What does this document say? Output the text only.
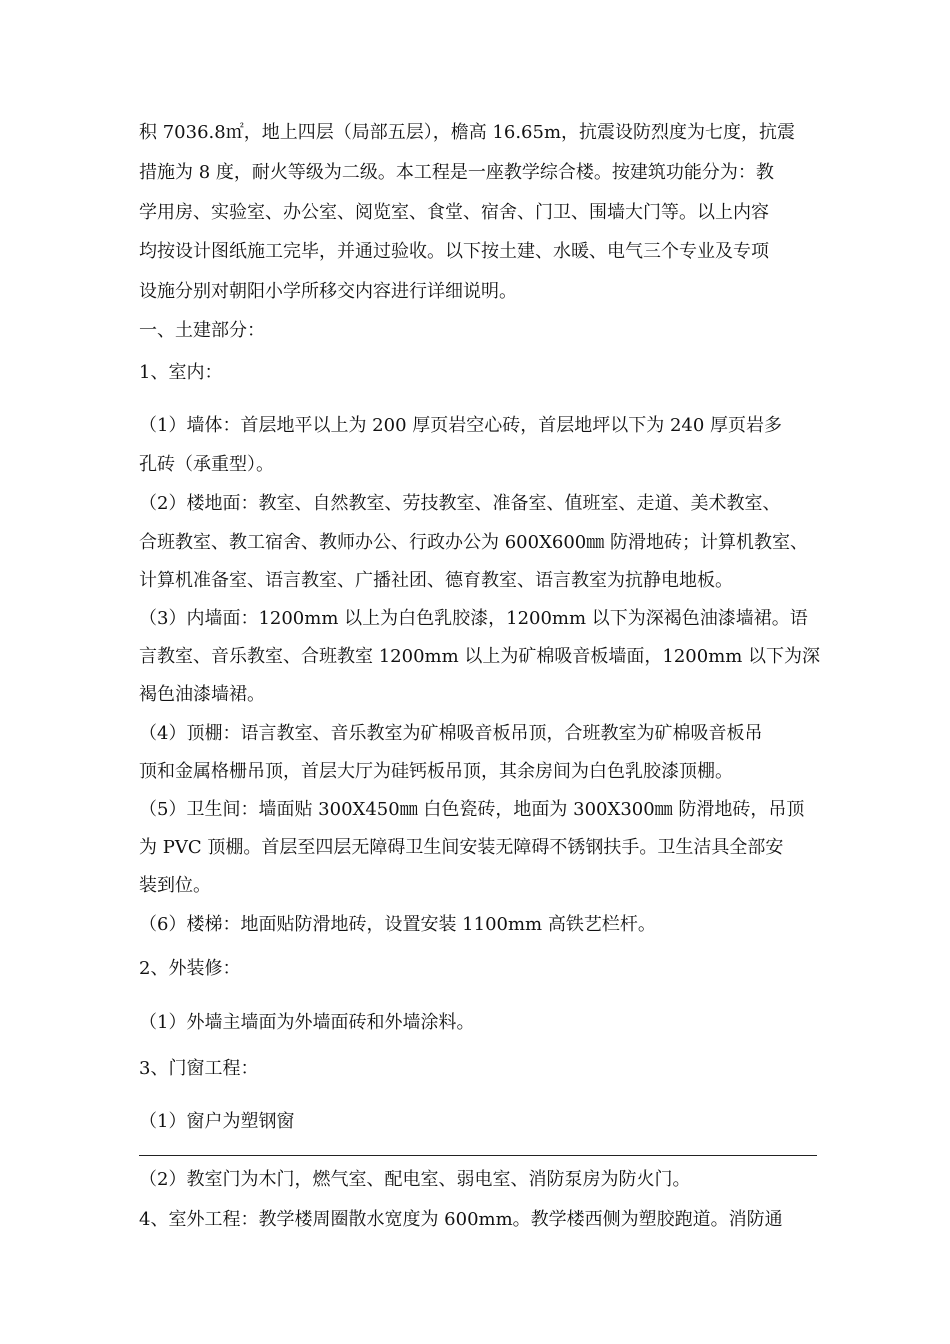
积 7036.8㎡，地上四层（局部五层），檐高 16.65m，抗震设防烈度为七度，抗震
措施为 8 度，耐火等级为二级。本工程是一座教学综合楼。按建筑功能分为：教
学用房、实验室、办公室、阅览室、食堂、宿舍、门卫、围墙大门等。以上内容
均按设计图纸施工完毕，并通过验收。以下按土建、水暖、电气三个专业及专项
设施分别对朝阳小学所移交内容进行详细说明。
一、土建部分：
1、室内：
（1）墙体：首层地平以上为 200 厚页岩空心砖，首层地坪以下为 240 厚页岩多
孔砖（承重型）。
（2）楼地面：教室、自然教室、劳技教室、准备室、值班室、走道、美术教室、
合班教室、教工宿舍、教师办公、行政办公为 600X600㎜ 防滑地砖；计算机教室、
计算机准备室、语言教室、广播社团、德育教室、语言教室为抗静电地板。
（3）内墙面：1200mm 以上为白色乳胶漆，1200mm 以下为深褐色油漆墙裙。语
言教室、音乐教室、合班教室 1200mm 以上为矿棉吸音板墙面，1200mm 以下为深
褐色油漆墙裙。
（4）顶棚：语言教室、音乐教室为矿棉吸音板吊顶，合班教室为矿棉吸音板吊
顶和金属格栅吊顶，首层大厅为硅钙板吊顶，其余房间为白色乳胶漆顶棚。
（5）卫生间：墙面贴 300X450㎜ 白色瓷砖，地面为 300X300㎜ 防滑地砖，吊顶
为 PVC 顶棚。首层至四层无障碍卫生间安装无障碍不锈钢扶手。卫生洁具全部安
装到位。
（6）楼梯：地面贴防滑地砖，设置安装 1100mm 高铁艺栏杆。
2、外装修：
（1）外墙主墙面为外墙面砖和外墙涂料。
3、门窗工程：
（1）窗户为塑钢窗
（2）教室门为木门，燃气室、配电室、弱电室、消防泵房为防火门。
4、室外工程：教学楼周圈散水宽度为 600mm。教学楼西侧为塑胶跑道。消防通
